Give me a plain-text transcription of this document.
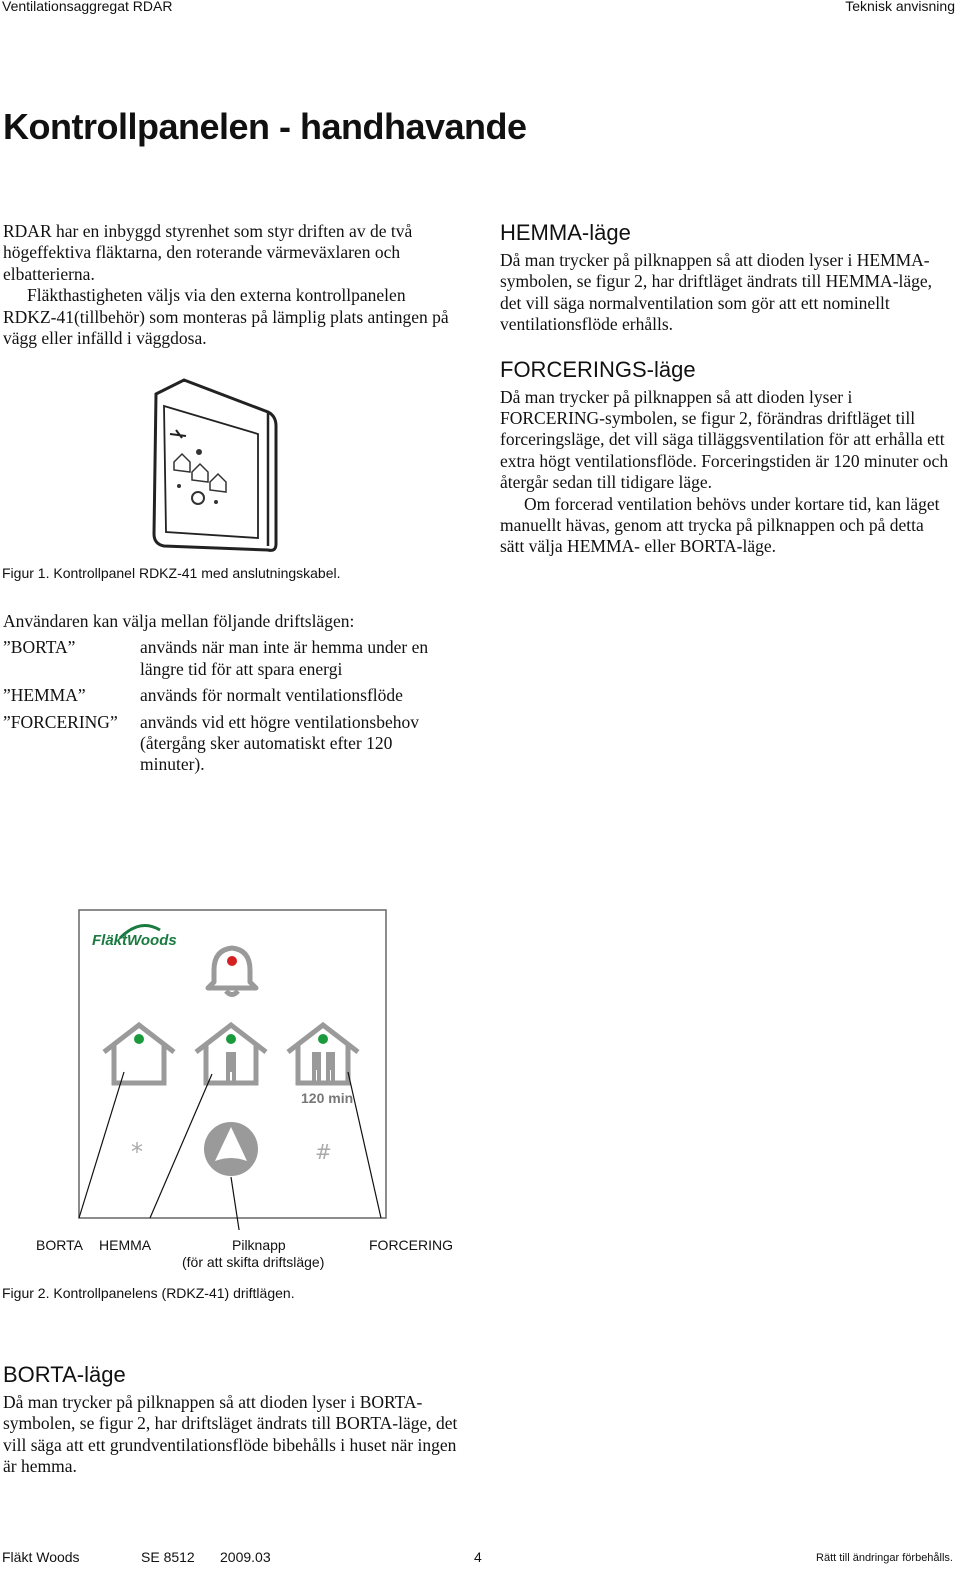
Ventilationsaggregat RDAR	Teknisk anvisning
Kontrollpanelen - handhavande

RDAR har en inbyggd styrenhet som styr driften av de två högeffektiva fläktarna, den roterande värmeväxlaren och elbatterierna.

Fläkthastigheten väljs via den externa kontrollpanelen RDKZ-41(tillbehör) som monteras på lämplig plats antingen på vägg eller infälld i väggdosa.

Figur 1. Kontrollpanel RDKZ-41 med anslutningskabel.
HEMMA-läge

Då man trycker på pilknappen så att dioden lyser i HEMMA-symbolen, se figur 2, har driftläget ändrats till HEMMA-läge, det vill säga normalventilation som gör att ett nominellt ventilationsflöde erhålls.

FORCERINGS-läge

Då man trycker på pilknappen så att dioden lyser i FORCERING-symbolen, se figur 2, förändras driftläget till forceringsläge, det vill säga tilläggsventilation för att erhålla ett extra högt ventilationsflöde. Forceringstiden är 120 minuter och återgår sedan till tidigare läge.

Om forcerad ventilation behövs under kortare tid, kan läget manuellt hävas, genom att trycka på pilknappen och på detta sätt välja HEMMA- eller BORTA-läge.

Användaren kan välja mellan följande driftslägen:
”BORTA”	används när man inte är hemma under en längre tid för att spara energi
”HEMMA”	används för normalt ventilationsflöde
”FORCERING”	används vid ett högre ventilationsbehov (återgång sker automatiskt efter 120 minuter).
FläktWoods
120 min
*	#
BORTA HEMMA	Pilknapp
(för att skifta driftsläge)
FORCERING
Figur 2. Kontrollpanelens (RDKZ-41) driftlägen.
BORTA-läge

Då man trycker på pilknappen så att dioden lyser i BORTA-symbolen, se figur 2, har driftsläget ändrats till BORTA-läge, det vill säga att ett grundventilationsflöde bibehålls i huset när ingen är hemma.

Fläkt Woods	SE 8512 2009.03	4	Rätt till ändringar förbehålls.
